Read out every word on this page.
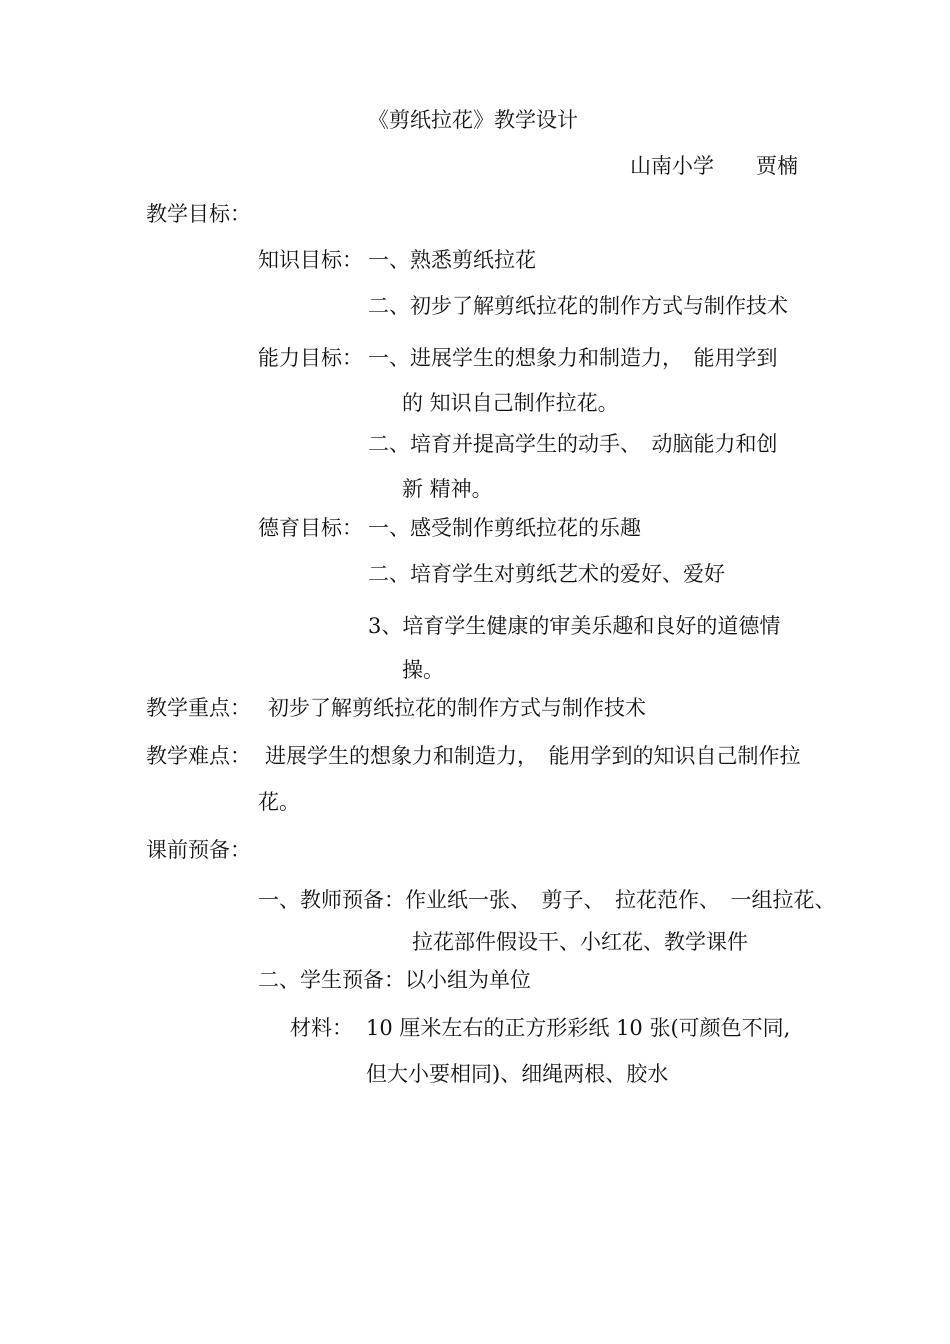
《剪纸拉花》教学设计
山南小学　　贾楠
教学目标：
知识目标： 一、熟悉剪纸拉花
二、初步了解剪纸拉花的制作方式与制作技术
能力目标： 一、进展学生的想象力和制造力，　能用学到
的 知识自己制作拉花。
二、培育并提高学生的动手、　动脑能力和创
新 精神。
德育目标： 一、感受制作剪纸拉花的乐趣
二、培育学生对剪纸艺术的爱好、爱好
3、培育学生健康的审美乐趣和良好的道德情
操。
教学重点： 初步了解剪纸拉花的制作方式与制作技术
教学难点： 进展学生的想象力和制造力，　能用学到的知识自己制作拉
花。
课前预备：
一、教师预备： 作业纸一张、　剪子、　拉花范作、　一组拉花、
拉花部件假设干、小红花、教学课件
二、学生预备：以小组为单位
材料： 10 厘米左右的正方形彩纸 10 张(可颜色不同,
但大小要相同)、细绳两根、胶水
